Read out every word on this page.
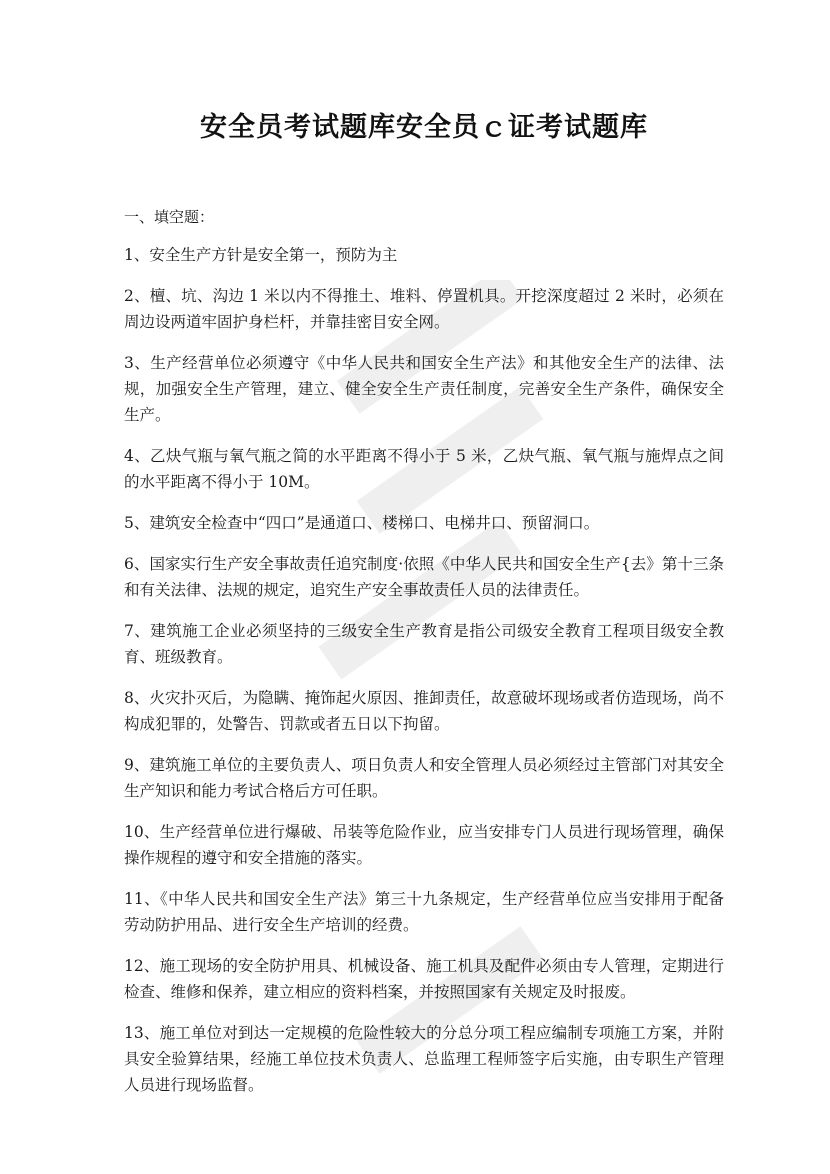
安全员考试题库安全员ｃ证考试题库
一、填空题：

1、安全生产方针是安全第一，预防为主

2、檀、坑、沟边 1 米以内不得推土、堆料、停置机具。开挖深度超过 2 米时，必须在周边设两道牢固护身栏杆，并靠挂密目安全网。

3、生产经营单位必须遵守《中华人民共和国安全生产法》和其他安全生产的法律、法规，加强安全生产管理，建立、健全安全生产责任制度，完善安全生产条件，确保安全生产。

4、乙炔气瓶与氧气瓶之简的水平距离不得小于 5 米，乙炔气瓶、氧气瓶与施焊点之间的水平距离不得小于 10M。

5、建筑安全检查中“四口”是通道口、楼梯口、电梯井口、预留洞口。

6、国家实行生产安全事故责任追究制度·依照《中华人民共和国安全生产{去》第十三条和有关法律、法规的规定，追究生产安全事故责任人员的法律责任。

7、建筑施工企业必须坚持的三级安全生产教育是指公司级安全教育工程项目级安全教育、班级教育。

8、火灾扑灭后，为隐瞒、掩饰起火原因、推卸责任，故意破坏现场或者仿造现场，尚不构成犯罪的，处警告、罚款或者五日以下拘留。

9、建筑施工单位的主要负责人、项日负责人和安全管理人员必须经过主管部门对其安全生产知识和能力考试合格后方可任职。

10、生产经营单位进行爆破、吊装等危险作业，应当安排专门人员进行现场管理，确保操作规程的遵守和安全措施的落实。

11、《中华人民共和国安全生产法》第三十九条规定，生产经营单位应当安排用于配备劳动防护用品、进行安全生产培训的经费。

12、施工现场的安全防护用具、机械设备、施工机具及配件必须由专人管理，定期进行检查、维修和保养，建立相应的资料档案，并按照国家有关规定及时报废。

13、施工单位对到达一定规模的危险性较大的分总分项工程应编制专项施工方案，并附具安全验算结果，经施工单位技术负责人、总监理工程师签字后实施，由专职生产管理人员进行现场监督。
